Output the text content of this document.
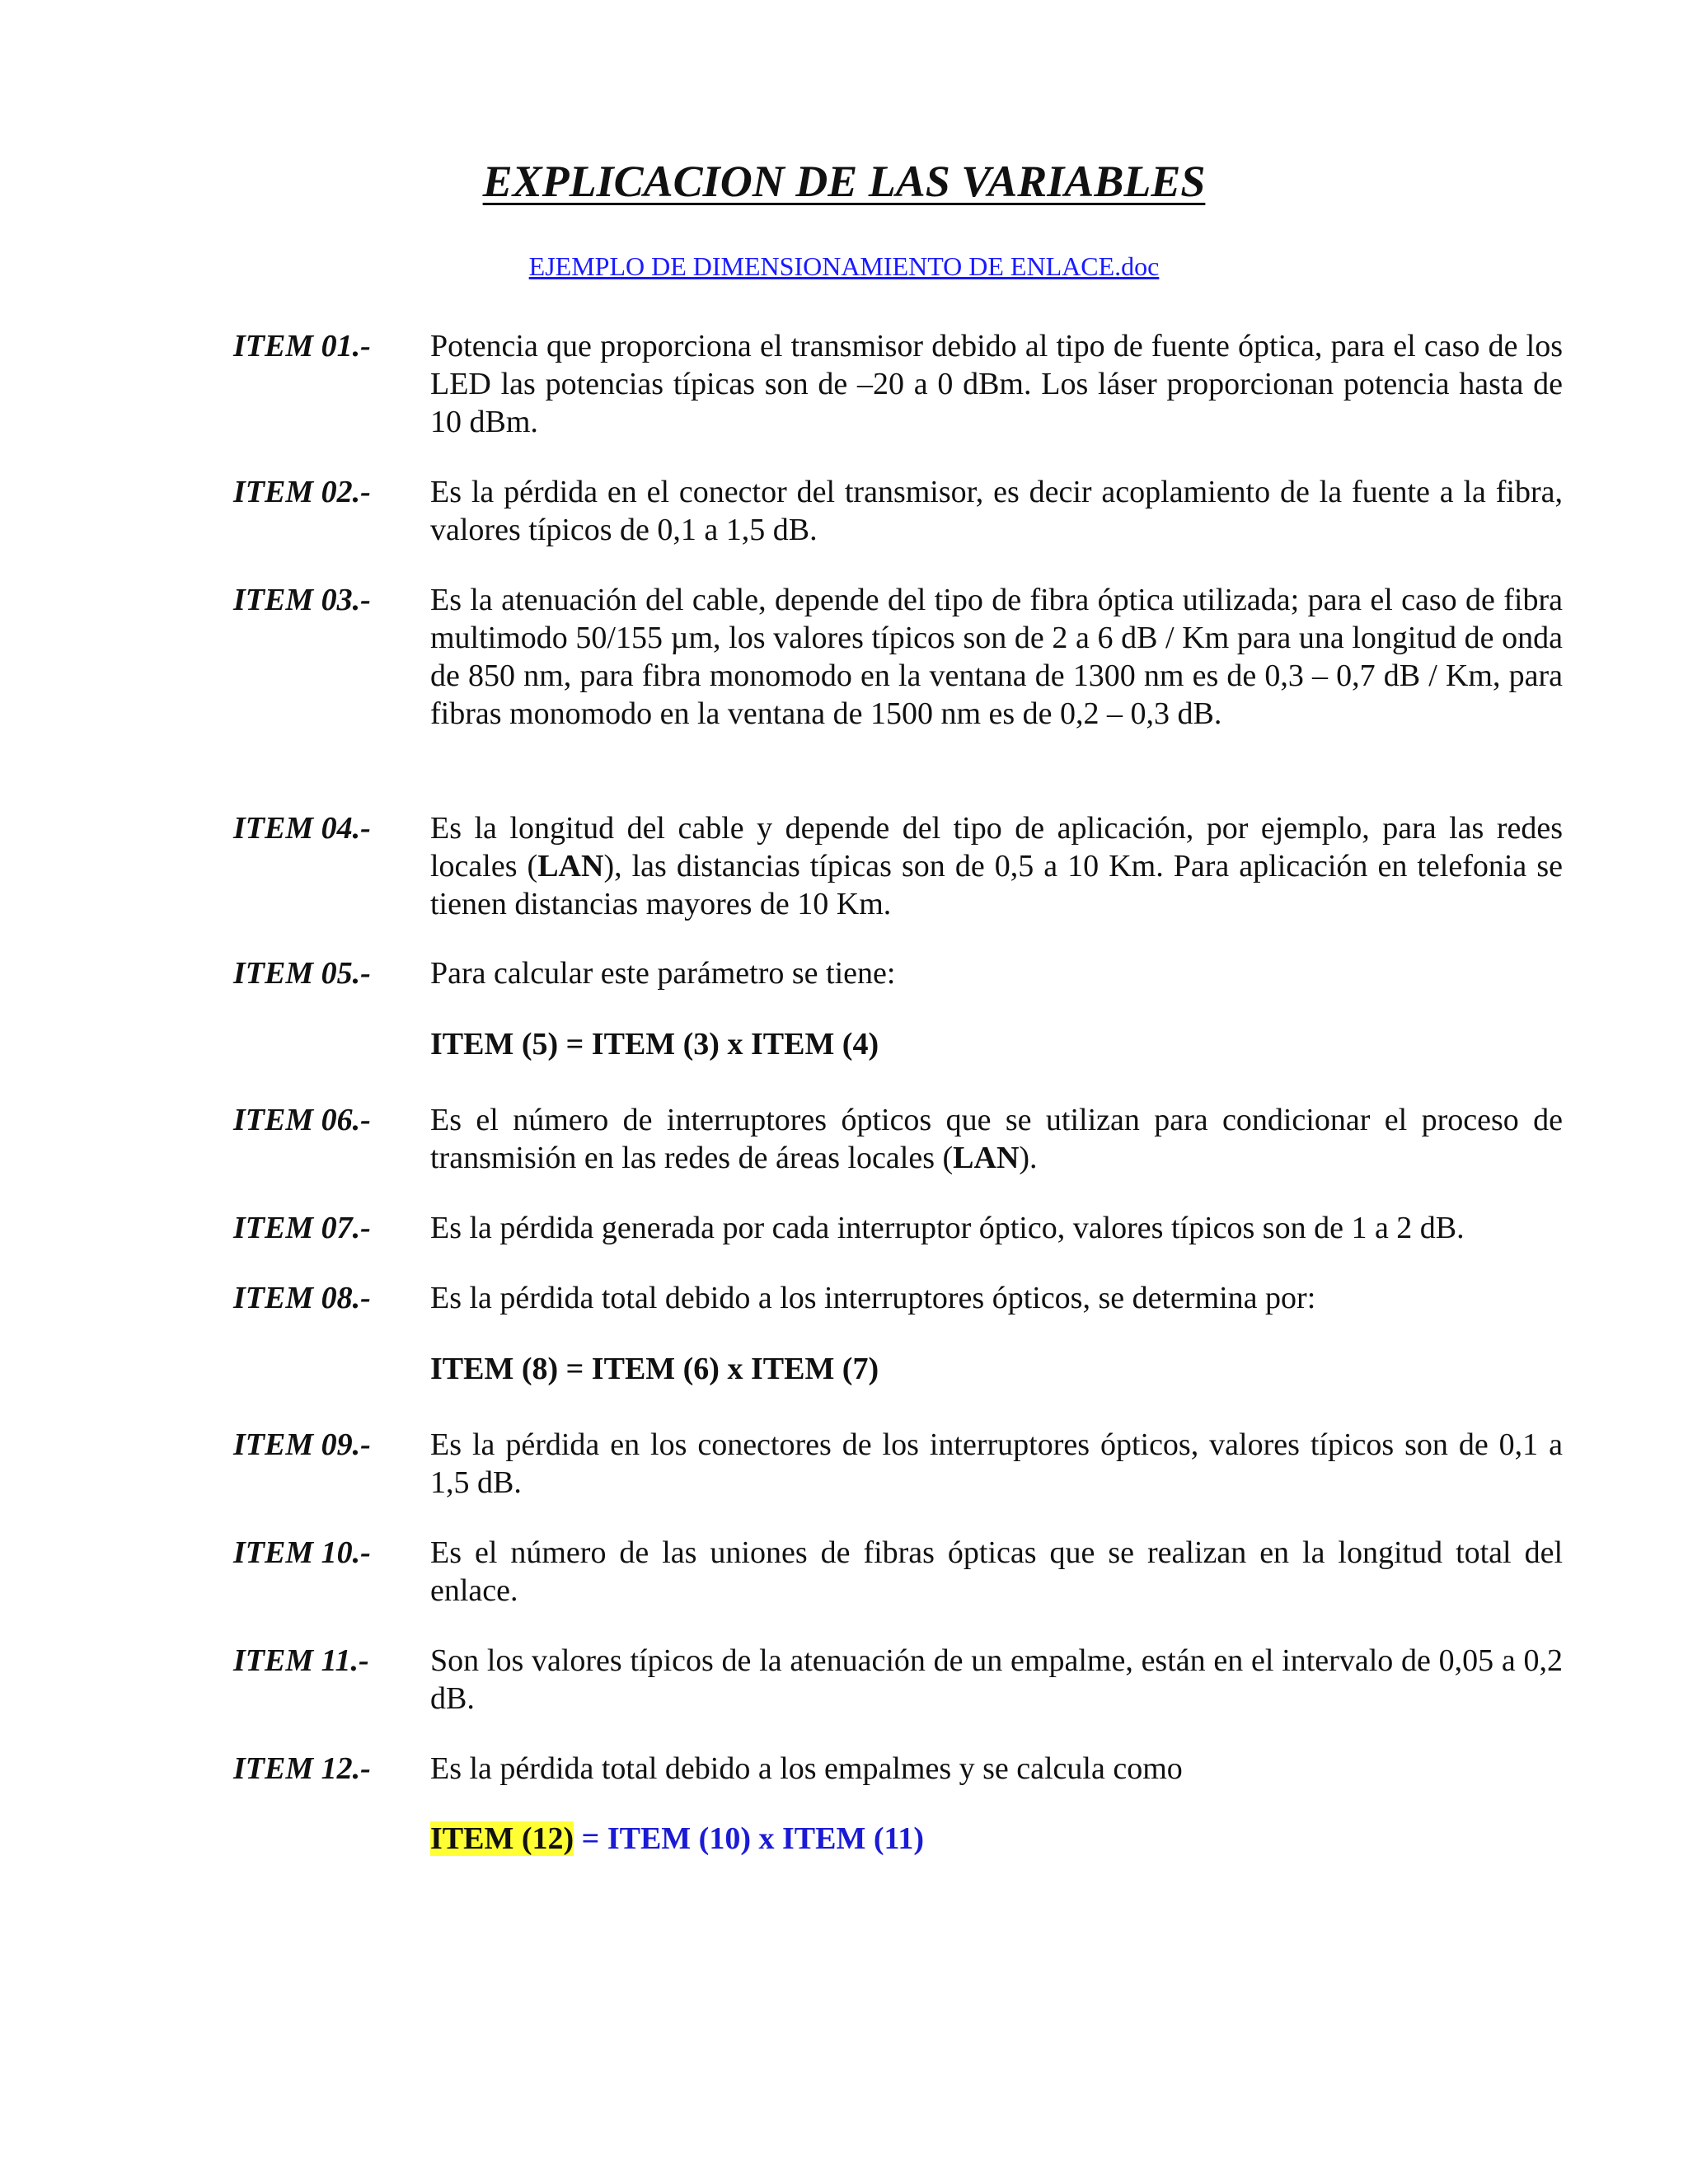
EXPLICACION DE LAS VARIABLES
EJEMPLO DE DIMENSIONAMIENTO DE ENLACE.doc
ITEM 01.-	Potencia que proporciona el transmisor debido al tipo de fuente óptica, para el caso de los LED las potencias típicas son de –20 a 0 dBm. Los láser proporcionan potencia hasta de 10 dBm.
ITEM 02.-	Es la pérdida en el conector del transmisor, es decir acoplamiento de la fuente a la fibra, valores típicos de 0,1 a 1,5 dB.
ITEM 03.-	Es la atenuación del cable, depende del tipo de fibra óptica utilizada; para el caso de fibra multimodo 50/155 µm, los valores típicos son de 2 a 6 dB / Km para una longitud de onda de 850 nm, para fibra monomodo en la ventana de 1300 nm es de 0,3 – 0,7 dB / Km, para fibras monomodo en la ventana de 1500 nm es de 0,2 – 0,3 dB.
ITEM 04.-	Es la longitud del cable y depende del tipo de aplicación, por ejemplo, para las redes locales (LAN), las distancias típicas son de 0,5 a 10 Km. Para aplicación en telefonia se tienen distancias mayores de 10 Km.
ITEM 05.-	Para calcular este parámetro se tiene:
ITEM (5) = ITEM (3) x ITEM (4)
ITEM 06.-	Es el número de interruptores ópticos que se utilizan para condicionar el proceso de transmisión en las redes de áreas locales (LAN).
ITEM 07.-	Es la pérdida generada por cada interruptor óptico, valores típicos son de 1 a 2 dB.
ITEM 08.-	Es la pérdida total debido a los interruptores ópticos, se determina por:
ITEM (8) = ITEM (6) x ITEM (7)
ITEM 09.-	Es la pérdida en los conectores de los interruptores ópticos, valores típicos son de 0,1 a 1,5 dB.
ITEM 10.-	Es el número de las uniones de fibras ópticas que se realizan en la longitud total del enlace.
ITEM 11.-	Son los valores típicos de la atenuación de un empalme, están en el intervalo de 0,05 a 0,2 dB.
ITEM 12.-	Es la pérdida total debido a los empalmes y se calcula como
ITEM (12) = ITEM (10) x ITEM (11)
